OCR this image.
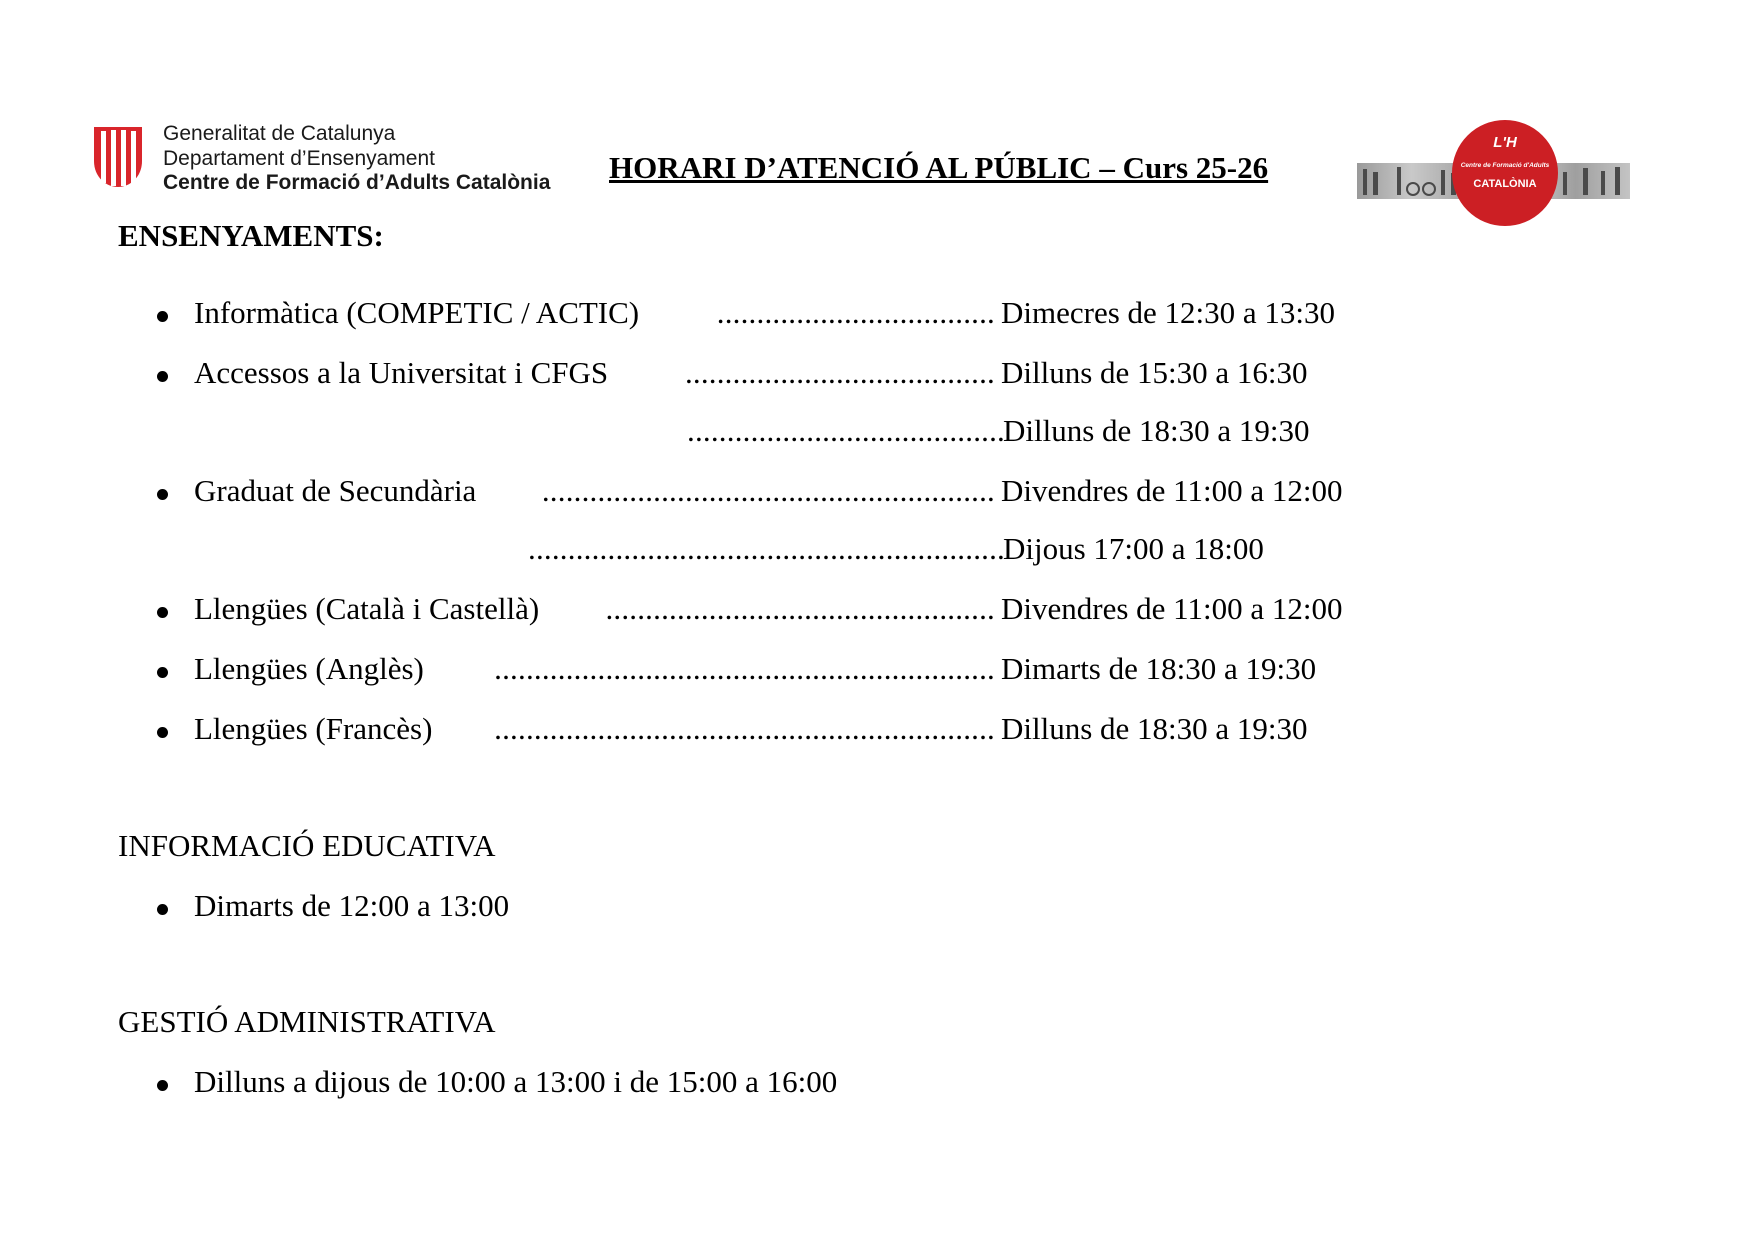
Generalitat de Catalunya
Departament d’Ensenyament
Centre de Formació d’Adults Catalònia HORARI D’ATENCIÓ AL PÚBLIC – Curs 25-26
L'H
Centre de Formació d'Adults
CATALÒNIA
ENSENYAMENTS:
Informàtica (COMPETIC / ACTIC)	................................... Dimecres de 12:30 a 13:30
Accessos a la Universitat i CFGS ....................................... Dilluns de 15:30 a 16:30
........................................
Dilluns de 18:30 a 19:30
Graduat de Secundària ......................................................... Divendres de 11:00 a 12:00
............................................................
Dijous 17:00 a 18:00
Llengües (Català i Castellà) ................................................. Divendres de 11:00 a 12:00
Llengües (Anglès) ............................................................... Dimarts de 18:30 a 19:30
Llengües (Francès) ............................................................... Dilluns de 18:30 a 19:30
INFORMACIÓ EDUCATIVA
Dimarts de 12:00 a 13:00
GESTIÓ ADMINISTRATIVA
Dilluns a dijous de 10:00 a 13:00 i de 15:00 a 16:00
